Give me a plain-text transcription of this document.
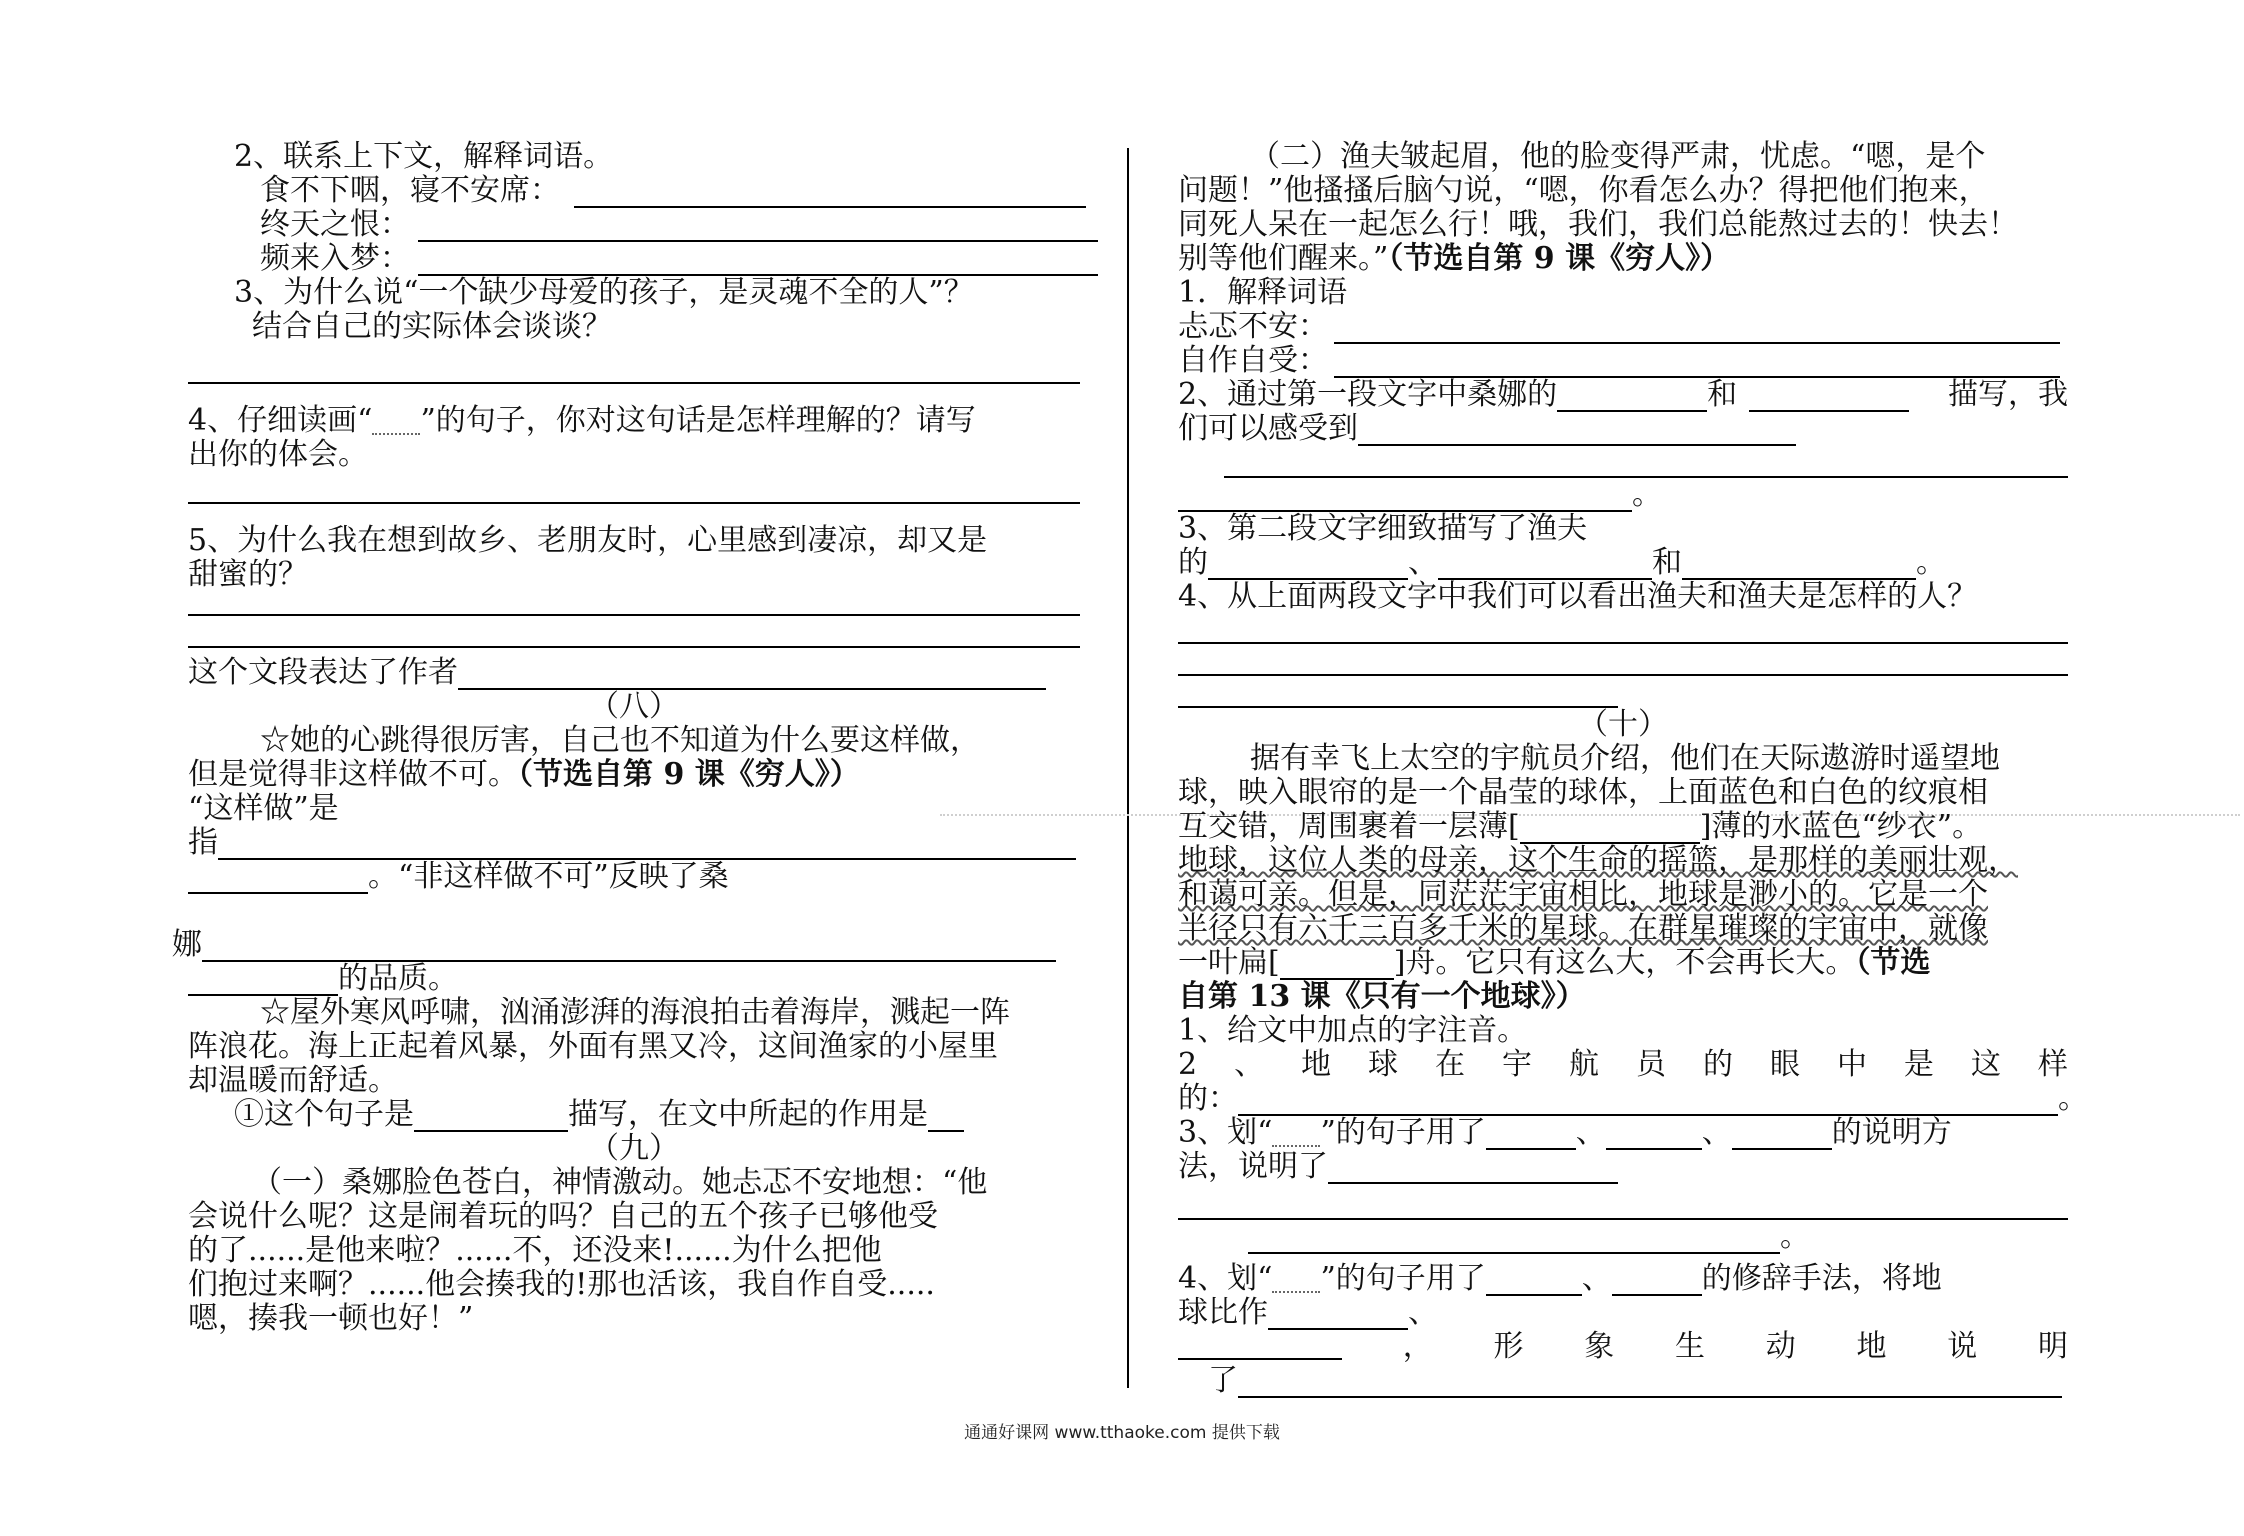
2、联系上下文，解释词语。
食不下咽，寝不安席：
终天之恨：
频来入梦：
3、为什么说“一个缺少母爱的孩子，是灵魂不全的人”？
结合自己的实际体会谈谈？
4、仔细读画“ ”的句子，你对这句话是怎样理解的？请写
出你的体会。
5、为什么我在想到故乡、老朋友时，心里感到凄凉，却又是
甜蜜的？
这个文段表达了作者
（八）
☆她的心跳得很厉害，自己也不知道为什么要这样做，
但是觉得非这样做不可。（节选自第 9 课《穷人》）
“这样做”是
指
。“非这样做不可”反映了桑
娜
的品质。
☆屋外寒风呼啸，汹涌澎湃的海浪拍击着海岸，溅起一阵
阵浪花。海上正起着风暴，外面有黑又冷，这间渔家的小屋里
却温暖而舒适。
①这个句子是	描写，在文中所起的作用是
（九）
（一）桑娜脸色苍白，神情激动。她忐忑不安地想：“他
会说什么呢？这是闹着玩的吗？自己的五个孩子已够他受
的了......是他来啦？......不，还没来!......为什么把他
们抱过来啊？......他会揍我的!那也活该，我自作自受.....
嗯，揍我一顿也好！”
（二）渔夫皱起眉，他的脸变得严肃，忧虑。“嗯，是个
问题！”他搔搔后脑勺说，“嗯，你看怎么办？得把他们抱来，
同死人呆在一起怎么行！哦，我们，我们总能熬过去的！快去！
别等他们醒来。”（节选自第 9 课《穷人》）
1．解释词语
忐忑不安：
自作自受：
2、通过第一段文字中桑娜的	和	描写，我
们可以感受到
。
3、第二段文字细致描写了渔夫
的	、	和	。
4、从上面两段文字中我们可以看出渔夫和渔夫是怎样的人？
（十）
据有幸飞上太空的宇航员介绍，他们在天际遨游时遥望地
球，映入眼帘的是一个晶莹的球体，上面蓝色和白色的纹痕相
互交错，周围裹着一层薄[	]薄的水蓝色“纱衣”。
地球，这位人类的母亲，这个生命的摇篮，是那样的美丽壮观，
和蔼可亲。但是，同茫茫宇宙相比，地球是渺小的。它是一个
半径只有六千三百多千米的星球。在群星璀璨的宇宙中，就像
一叶扁[	]舟。它只有这么大，不会再长大。（节选
自第 13 课《只有一个地球》）
1、给文中加点的字注音。
2 、 地 球 在 宇 航 员 的 眼 中 是 这 样
的：	。
3、划“ ”的句子用了	、	、	的说明方
法，说明了
。
4、划“ ”的句子用了	、	的修辞手法，将地
球比作	、
， 形 象 生 动 地 说 明
了
通通好课网 www.tthaoke.com 提供下载
